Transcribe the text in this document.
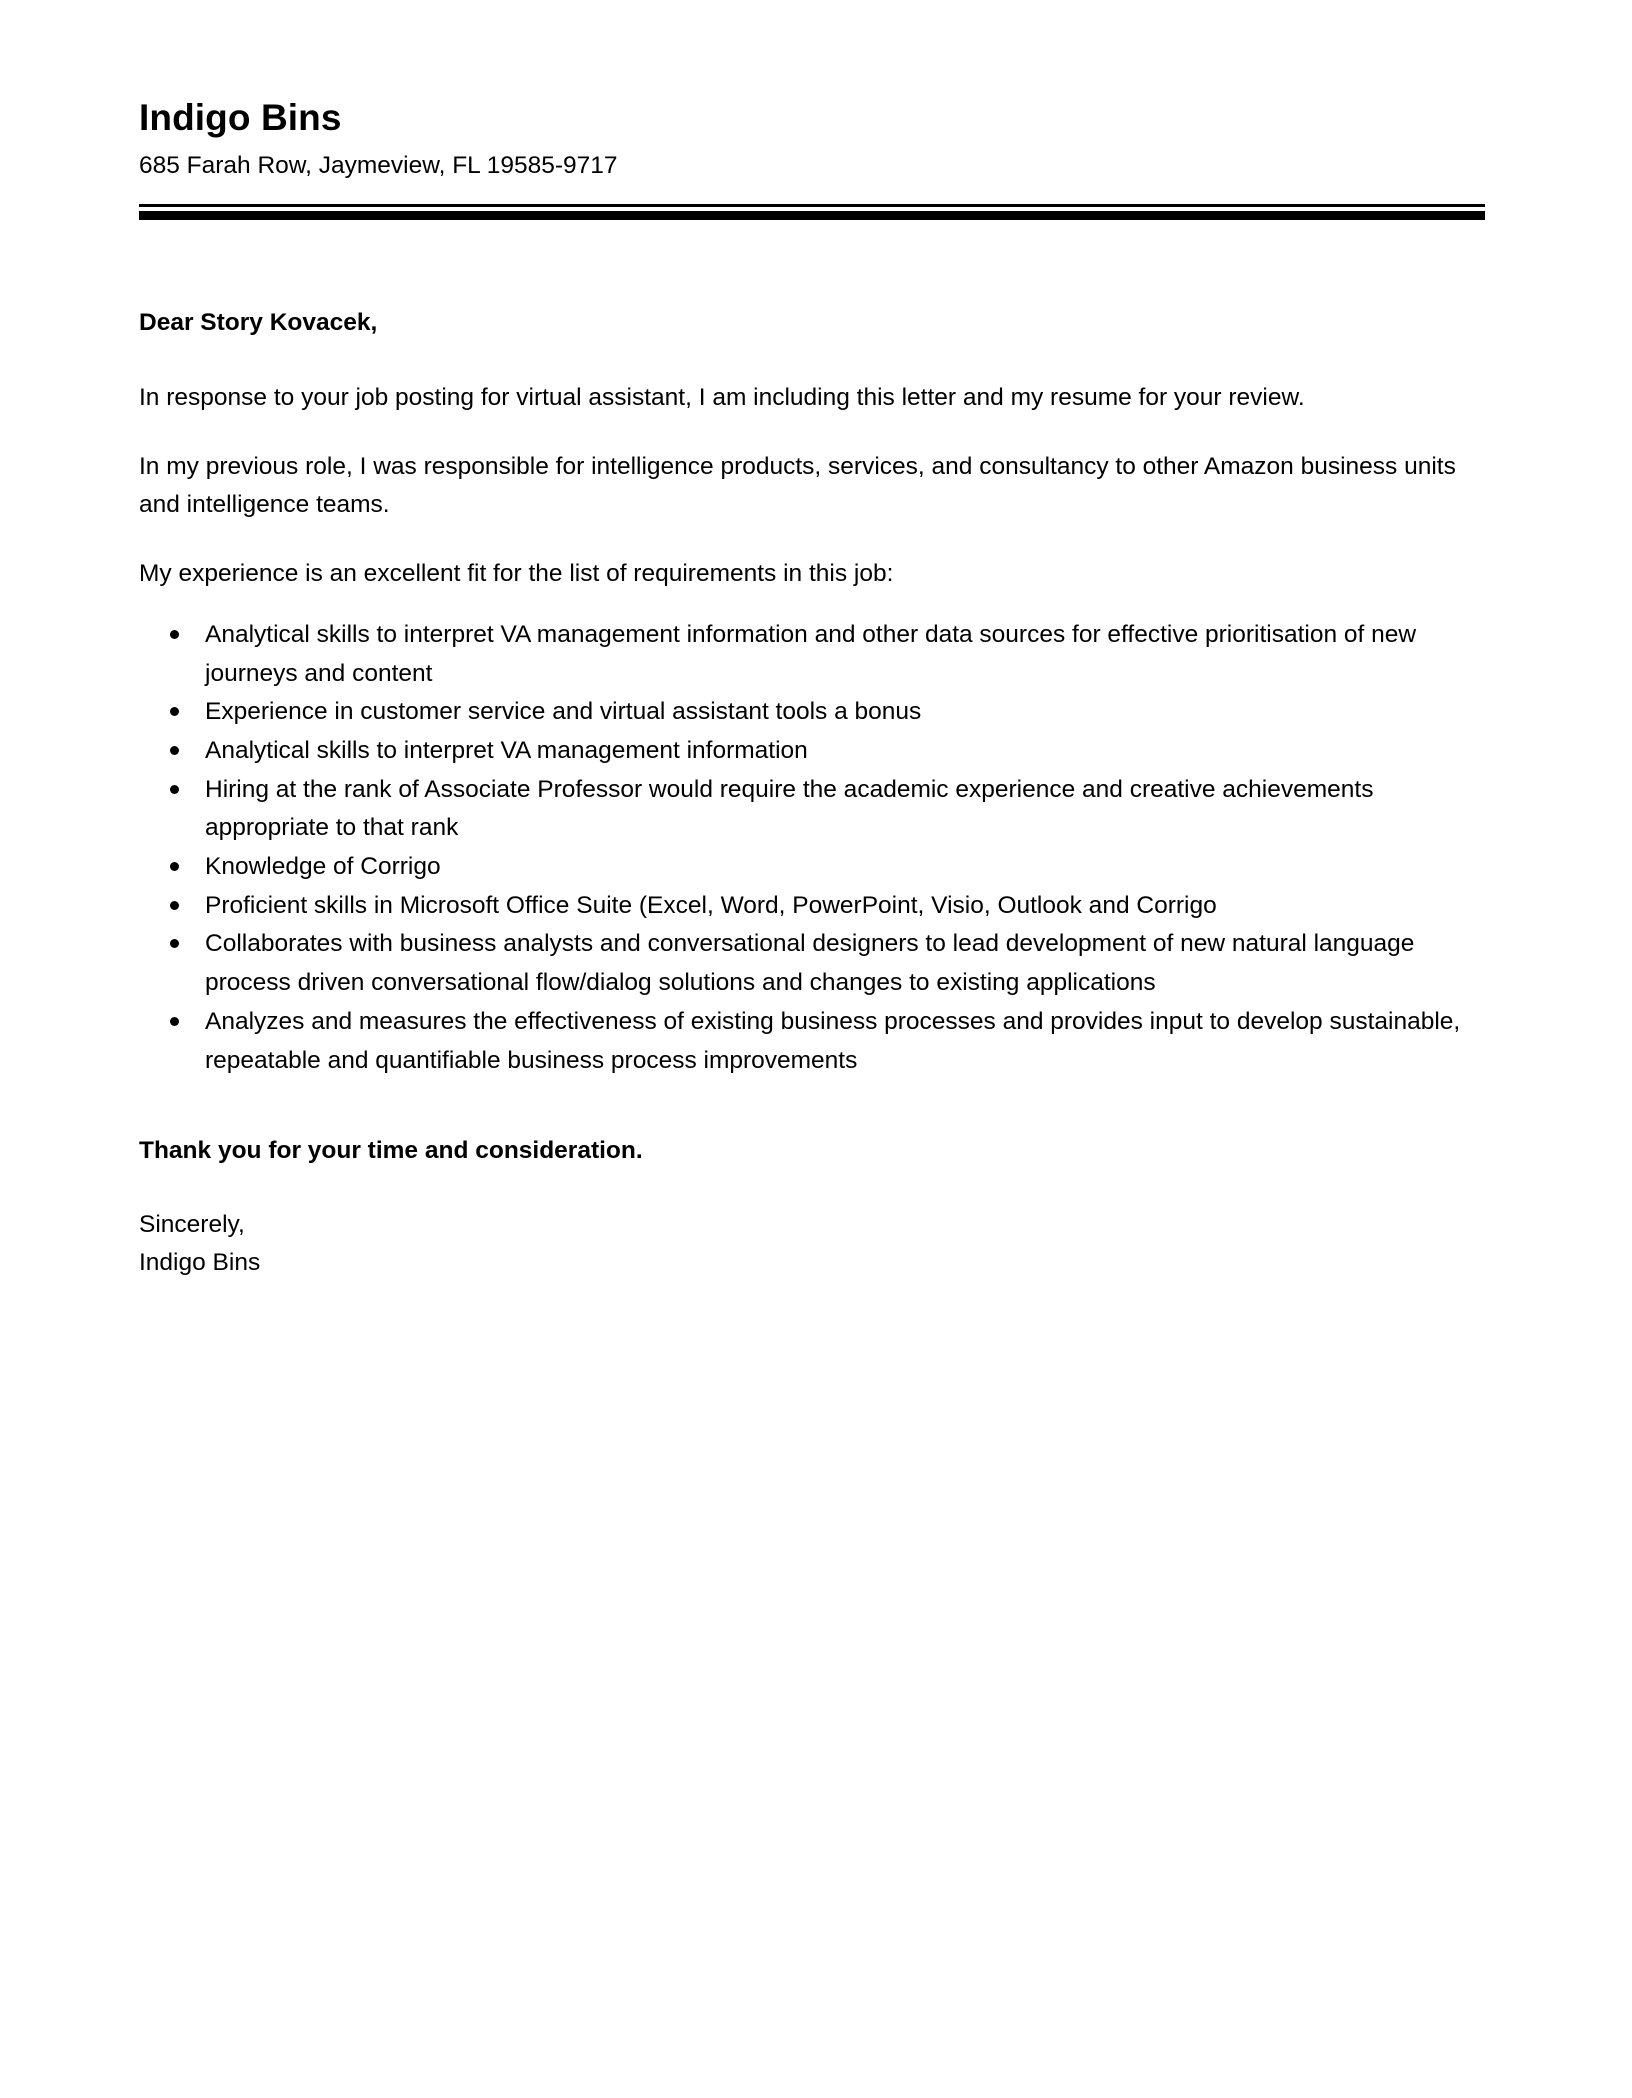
Indigo Bins
685 Farah Row, Jaymeview, FL 19585-9717

Dear Story Kovacek,

In response to your job posting for virtual assistant, I am including this letter and my resume for your review.

In my previous role, I was responsible for intelligence products, services, and consultancy to other Amazon business units and intelligence teams.

My experience is an excellent fit for the list of requirements in this job:

Analytical skills to interpret VA management information and other data sources for effective prioritisation of new journeys and content
Experience in customer service and virtual assistant tools a bonus
Analytical skills to interpret VA management information
Hiring at the rank of Associate Professor would require the academic experience and creative achievements appropriate to that rank
Knowledge of Corrigo
Proficient skills in Microsoft Office Suite (Excel, Word, PowerPoint, Visio, Outlook and Corrigo
Collaborates with business analysts and conversational designers to lead development of new natural language process driven conversational flow/dialog solutions and changes to existing applications
Analyzes and measures the effectiveness of existing business processes and provides input to develop sustainable, repeatable and quantifiable business process improvements

Thank you for your time and consideration.

Sincerely,
Indigo Bins
